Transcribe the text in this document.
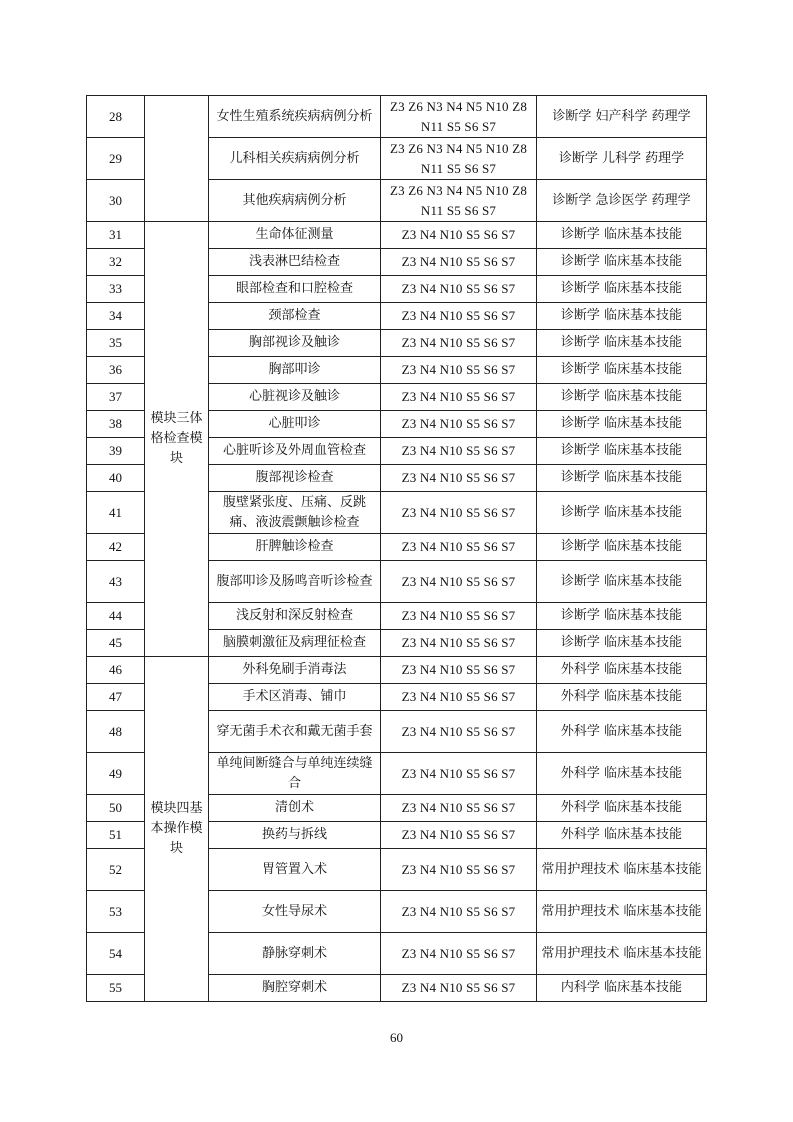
28		女性生殖系统疾病病例分析	Z3 Z6 N3 N4 N5 N10 Z8 N11 S5 S6 S7	诊断学 妇产科学 药理学
29		儿科相关疾病病例分析	Z3 Z6 N3 N4 N5 N10 Z8 N11 S5 S6 S7	诊断学 儿科学 药理学
30		其他疾病病例分析	Z3 Z6 N3 N4 N5 N10 Z8 N11 S5 S6 S7	诊断学 急诊医学 药理学
31	模块三体格检查模块	生命体征测量	Z3 N4 N10 S5 S6 S7	诊断学 临床基本技能
32		浅表淋巴结检查	Z3 N4 N10 S5 S6 S7	诊断学 临床基本技能
33		眼部检查和口腔检查	Z3 N4 N10 S5 S6 S7	诊断学 临床基本技能
34		颈部检查	Z3 N4 N10 S5 S6 S7	诊断学 临床基本技能
35		胸部视诊及触诊	Z3 N4 N10 S5 S6 S7	诊断学 临床基本技能
36		胸部叩诊	Z3 N4 N10 S5 S6 S7	诊断学 临床基本技能
37		心脏视诊及触诊	Z3 N4 N10 S5 S6 S7	诊断学 临床基本技能
38		心脏叩诊	Z3 N4 N10 S5 S6 S7	诊断学 临床基本技能
39		心脏听诊及外周血管检查	Z3 N4 N10 S5 S6 S7	诊断学 临床基本技能
40		腹部视诊检查	Z3 N4 N10 S5 S6 S7	诊断学 临床基本技能
41		腹壁紧张度、压痛、反跳痛、液波震颤触诊检查	Z3 N4 N10 S5 S6 S7	诊断学 临床基本技能
42		肝脾触诊检查	Z3 N4 N10 S5 S6 S7	诊断学 临床基本技能
43		腹部叩诊及肠鸣音听诊检查	Z3 N4 N10 S5 S6 S7	诊断学 临床基本技能
44		浅反射和深反射检查	Z3 N4 N10 S5 S6 S7	诊断学 临床基本技能
45		脑膜刺激征及病理征检查	Z3 N4 N10 S5 S6 S7	诊断学 临床基本技能
46	模块四基本操作模块	外科免刷手消毒法	Z3 N4 N10 S5 S6 S7	外科学 临床基本技能
47		手术区消毒、铺巾	Z3 N4 N10 S5 S6 S7	外科学 临床基本技能
48		穿无菌手术衣和戴无菌手套	Z3 N4 N10 S5 S6 S7	外科学 临床基本技能
49		单纯间断缝合与单纯连续缝合	Z3 N4 N10 S5 S6 S7	外科学 临床基本技能
50		清创术	Z3 N4 N10 S5 S6 S7	外科学 临床基本技能
51		换药与拆线	Z3 N4 N10 S5 S6 S7	外科学 临床基本技能
52		胃管置入术	Z3 N4 N10 S5 S6 S7	常用护理技术 临床基本技能
53		女性导尿术	Z3 N4 N10 S5 S6 S7	常用护理技术 临床基本技能
54		静脉穿刺术	Z3 N4 N10 S5 S6 S7	常用护理技术 临床基本技能
55		胸腔穿刺术	Z3 N4 N10 S5 S6 S7	内科学 临床基本技能
60
